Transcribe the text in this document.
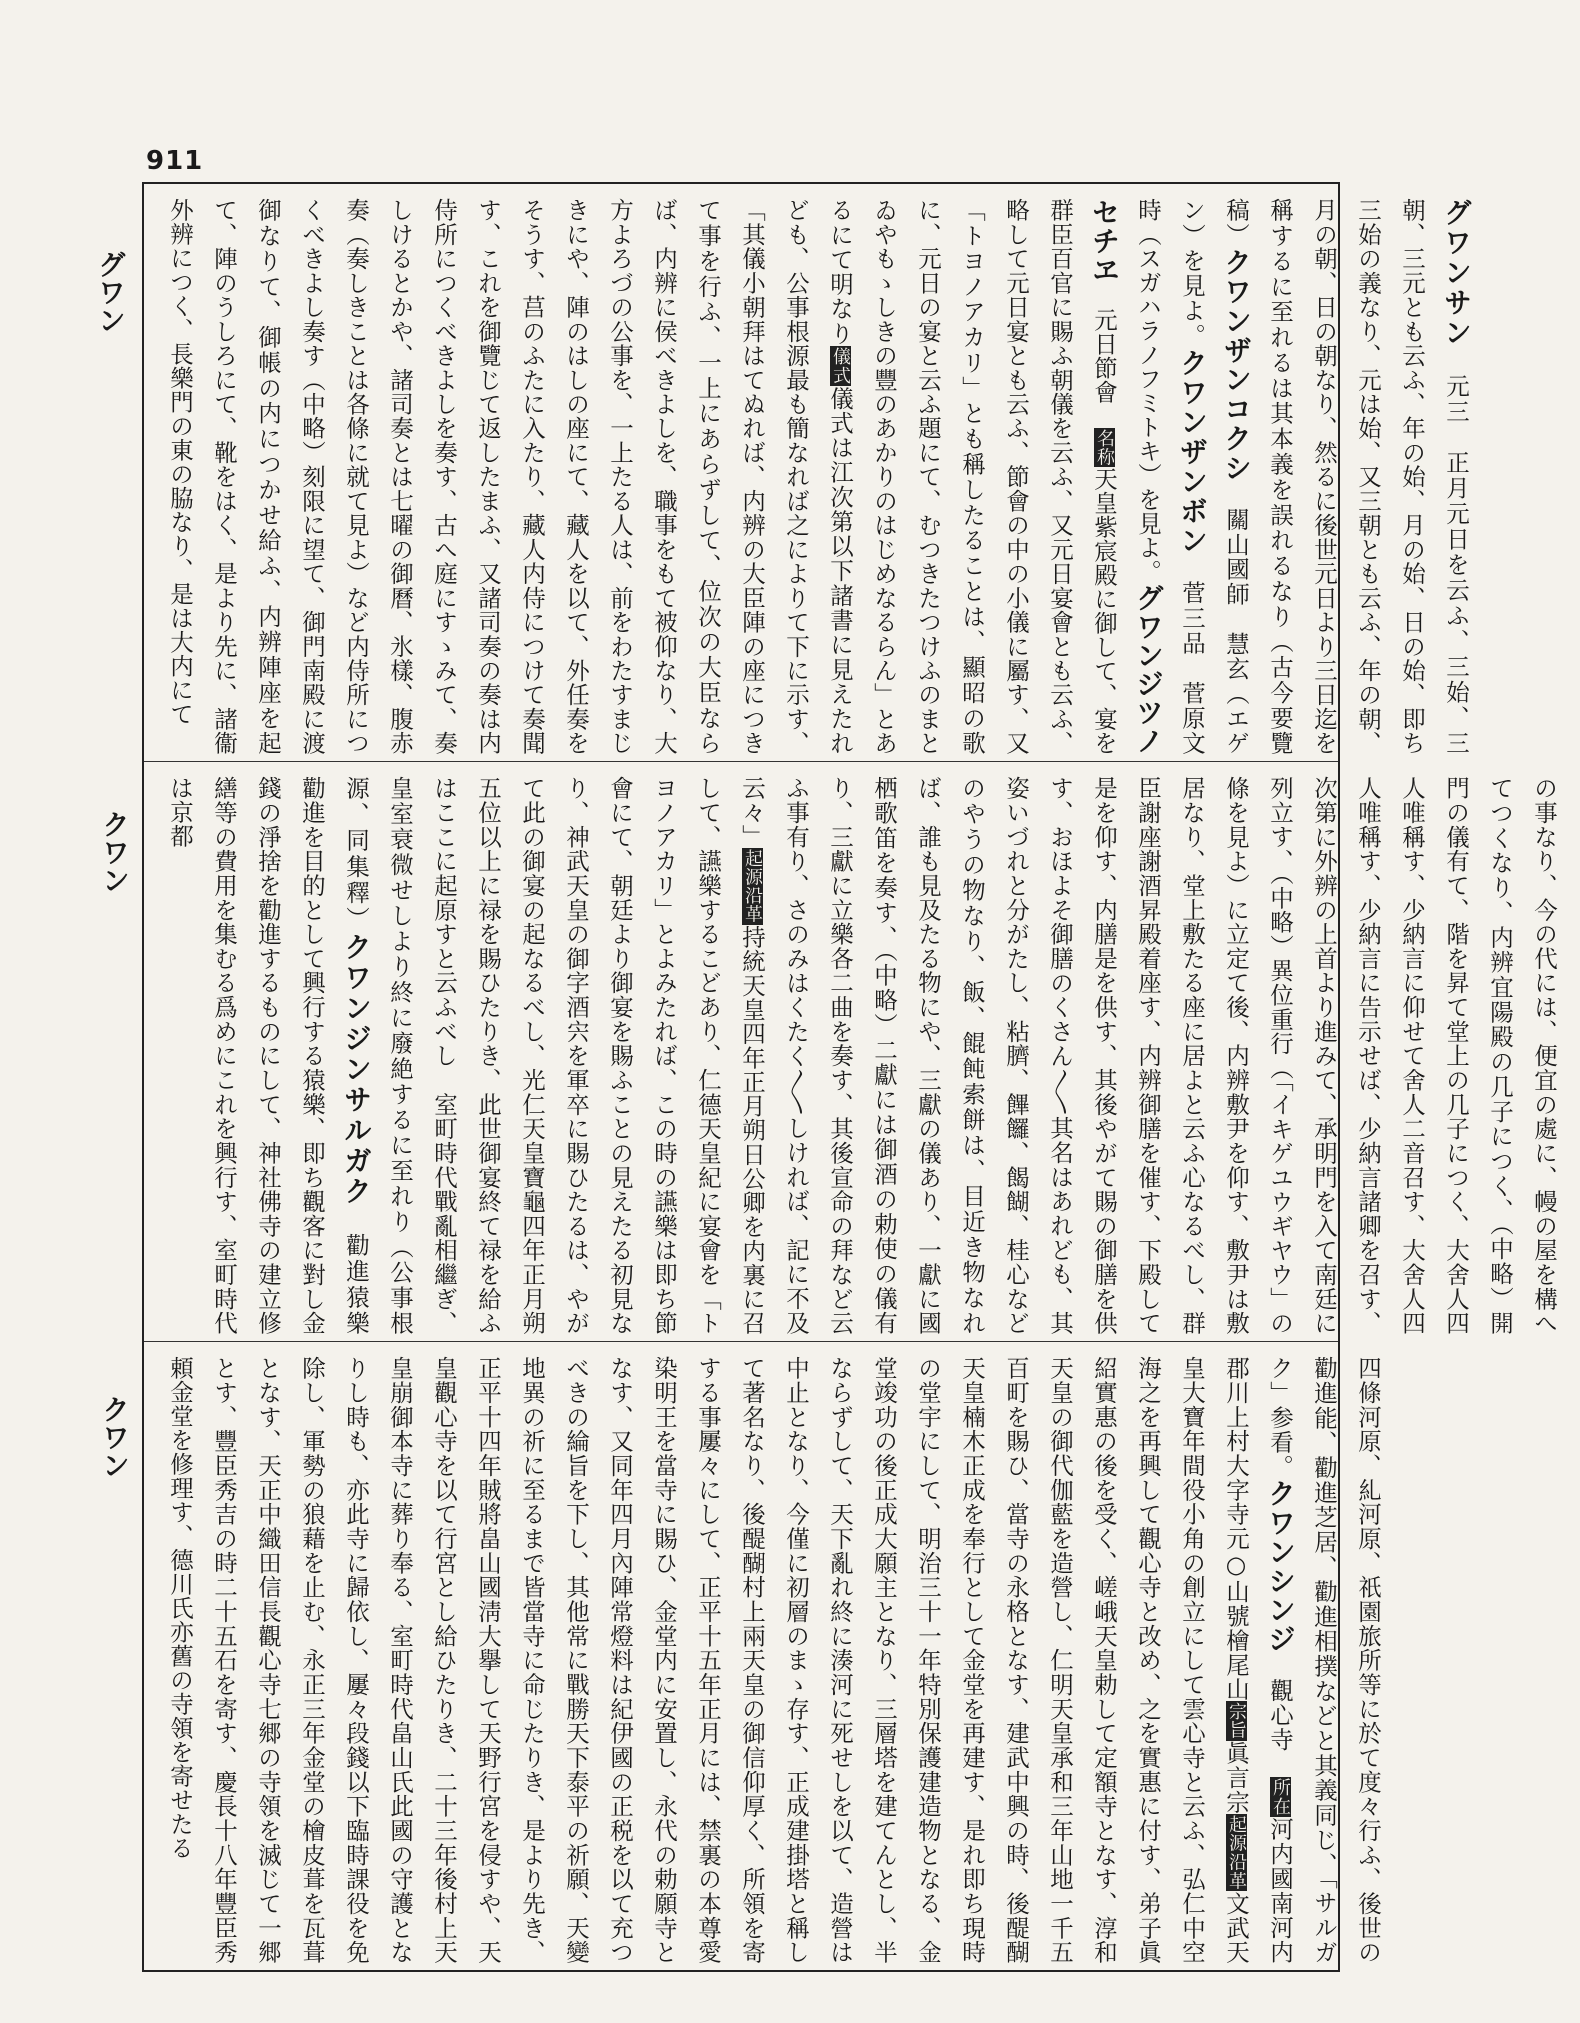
911
グワン
クワン
クワン
グワンサン　元三　正月元日を云ふ、三始、三朝、三元とも云ふ、年の始、月の始、日の始、即ち三始の義なり、元は始、又三朝とも云ふ、年の朝、月の朝、日の朝なり、然るに後世元日より三日迄を稱するに至れるは其本義を誤れるなり（古今要覽稿）クワンザンコクシ　關山國師　慧玄（エゲン）を見よ。クワンザンボン　菅三品　菅原文時（スガハラノフミトキ）を見よ。グワンジツノセチヱ　元日節會　名称天皇紫宸殿に御して、宴を群臣百官に賜ふ朝儀を云ふ、又元日宴會とも云ふ、略して元日宴とも云ふ、節會の中の小儀に屬す、又「トヨノアカリ」とも稱したることは、顯昭の歌に、元日の宴と云ふ題にて、むつきたつけふのまとゐやもゝしきの豐のあかりのはじめなるらん」とあるにて明なり儀式儀式は江次第以下諸書に見えたれども、公事根源最も簡なれば之によりて下に示す、「其儀小朝拜はてぬれば、内辨の大臣陣の座につきて事を行ふ、一上にあらずして、位次の大臣ならば、内辨に侯べきよしを、職事をもて被仰なり、大方よろづの公事を、一上たる人は、前をわたすまじきにや、陣のはしの座にて、藏人を以て、外任奏をそうす、莒のふたに入たり、藏人内侍につけて奏聞す、これを御覽じて返したまふ、又諸司奏の奏は内侍所につくべきよしを奏す、古へ庭にすゝみて、奏しけるとかや、諸司奏とは七曜の御曆、氷樣、腹赤奏（奏しきことは各條に就て見よ）など内侍所につくべきよし奏す（中略）刻限に望て、御門南殿に渡御なりて、御帳の内につかせ給ふ、内辨陣座を起て、陣のうしろにて、靴をはく、是より先に、諸衞外辨につく、長樂門の東の脇なり、是は大内にて
の事なり、今の代には、便宜の處に、幔の屋を構へてつくなり、内辨宜陽殿の几子につく、（中略）開門の儀有て、階を昇て堂上の几子につく、大舍人四人唯稱す、少納言に仰せて舍人二音召す、大舍人四人唯稱す、少納言に告示せば、少納言諸卿を召す、次第に外辨の上首より進みて、承明門を入て南廷に列立す、（中略）異位重行（「イキゲユウギヤウ」の條を見よ）に立定て後、内辨敷尹を仰す、敷尹は敷居なり、堂上敷たる座に居よと云ふ心なるべし、群臣謝座謝酒昇殿着座す、内辨御膳を催す、下殿して是を仰す、内膳是を供す、其後やがて賜の御膳を供す、おほよそ御膳のくさん〳〵其名はあれども、其姿いづれと分がたし、粘臍、饆饠、餲餬、桂心などのやうの物なり、飯、餛飩索餅は、目近き物なれば、誰も見及たる物にや、三獻の儀あり、一獻に國栖歌笛を奏す、（中略）二獻には御酒の勅使の儀有り、三獻に立樂各二曲を奏す、其後宣命の拜など云ふ事有り、さのみはくたく〳〵しければ、記に不及云々」起源沿革持統天皇四年正月朔日公卿を内裏に召して、讌樂するこどあり、仁德天皇紀に宴會を「トヨノアカリ」とよみたれば、この時の讌樂は即ち節會にて、朝廷より御宴を賜ふことの見えたる初見なり、神武天皇の御字酒宍を軍卒に賜ひたるは、やがて此の御宴の起なるべし、光仁天皇寶龜四年正月朔五位以上に禄を賜ひたりき、此世御宴終て禄を給ふはここに起原すと云ふべし　室町時代戰亂相繼ぎ、皇室衰微せしより終に廢絶するに至れり（公事根源、同集釋）クワンジンサルガク　勸進猿樂　勸進を目的として興行する猿樂、即ち觀客に對し金錢の淨捨を勸進するものにして、神社佛寺の建立修繕等の費用を集むる爲めにこれを興行す、室町時代は京都
四條河原、糺河原、祇園旅所等に於て度々行ふ、後世の勸進能、勸進芝居、勸進相撲などと其義同じ、「サルガク」参看。クワンシンジ　觀心寺　所在河内國南河内郡川上村大字寺元○山號檜尾山宗旨眞言宗起源沿革文武天皇大寶年間役小角の創立にして雲心寺と云ふ、弘仁中空海之を再興して觀心寺と改め、之を實惠に付す、弟子眞紹實惠の後を受く、嵯峨天皇勅して定額寺となす、淳和天皇の御代伽藍を造營し、仁明天皇承和三年山地一千五百町を賜ひ、當寺の永格となす、建武中興の時、後醍醐天皇楠木正成を奉行として金堂を再建す、是れ即ち現時の堂宇にして、明治三十一年特別保護建造物となる、金堂竣功の後正成大願主となり、三層塔を建てんとし、半ならずして、天下亂れ終に湊河に死せしを以て、造營は中止となり、今僅に初層のまゝ存す、正成建掛塔と稱して著名なり、後醍醐村上兩天皇の御信仰厚く、所領を寄する事屢々にして、正平十五年正月には、禁裏の本尊愛染明王を當寺に賜ひ、金堂内に安置し、永代の勅願寺となす、又同年四月內陣常燈料は紀伊國の正税を以て充つべきの綸旨を下し、其他常に戰勝天下泰平の祈願、天變地異の祈に至るまで皆當寺に命じたりき、是より先き、正平十四年賊將畠山國淸大擧して天野行宮を侵すや、天皇觀心寺を以て行宮とし給ひたりき、二十三年後村上天皇崩御本寺に葬り奉る、室町時代畠山氏此國の守護となりし時も、亦此寺に歸依し、屢々段錢以下臨時課役を免除し、軍勢の狼藉を止む、永正三年金堂の檜皮葺を瓦葺となす、天正中織田信長觀心寺七郷の寺領を滅じて一郷とす、豐臣秀吉の時二十五石を寄す、慶長十八年豐臣秀頼金堂を修理す、德川氏亦舊の寺領を寄せたる
